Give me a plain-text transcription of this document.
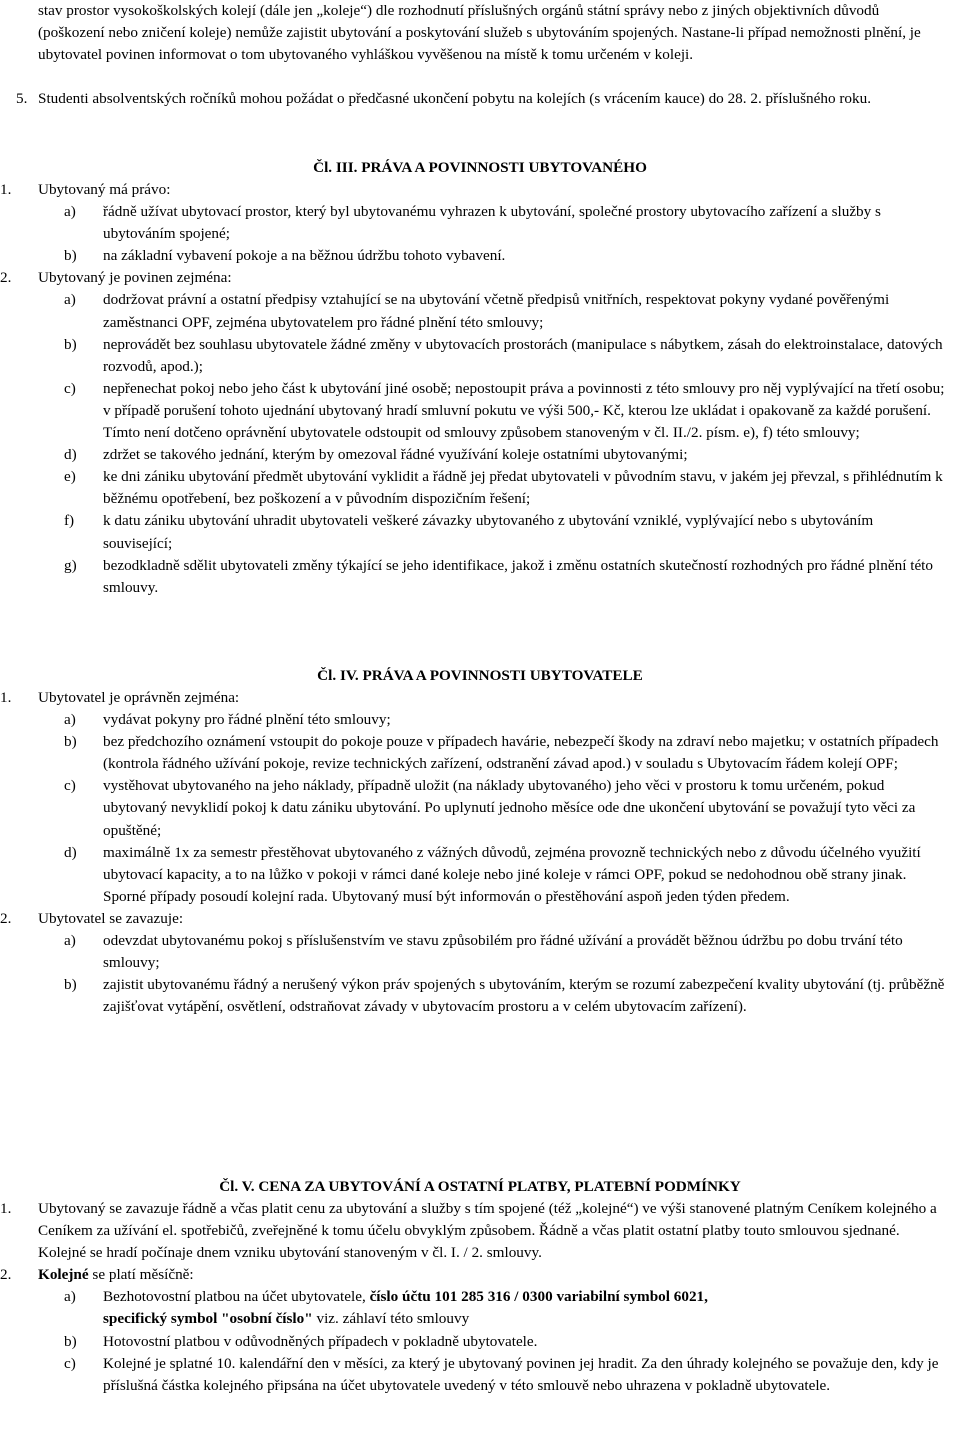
stav prostor vysokoškolských kolejí (dále jen „koleje“) dle rozhodnutí příslušných orgánů státní správy nebo z jiných objektivních důvodů (poškození nebo zničení koleje) nemůže zajistit ubytování a poskytování služeb s ubytováním spojených. Nastane-li případ nemožnosti plnění, je ubytovatel povinen informovat o tom ubytovaného vyhláškou vyvěšenou na místě k tomu určeném v koleji.

5. Studenti absolventských ročníků mohou požádat o předčasné ukončení pobytu na kolejích (s vrácením kauce) do 28. 2. příslušného roku.

Čl. III. PRÁVA A POVINNOSTI UBYTOVANÉHO

1. Ubytovaný má právo:

a) řádně užívat ubytovací prostor, který byl ubytovanému vyhrazen k ubytování, společné prostory ubytovacího zařízení a služby s ubytováním spojené;

b) na základní vybavení pokoje a na běžnou údržbu tohoto vybavení.

2. Ubytovaný je povinen zejména:

a) dodržovat právní a ostatní předpisy vztahující se na ubytování včetně předpisů vnitřních, respektovat pokyny vydané pověřenými zaměstnanci OPF, zejména ubytovatelem pro řádné plnění této smlouvy;

b) neprovádět bez souhlasu ubytovatele žádné změny v ubytovacích prostorách (manipulace s nábytkem, zásah do elektroinstalace, datových rozvodů, apod.);

c) nepřenechat pokoj nebo jeho část k ubytování jiné osobě; nepostoupit práva a povinnosti z této smlouvy pro něj vyplývající na třetí osobu; v případě porušení tohoto ujednání ubytovaný hradí smluvní pokutu ve výši 500,- Kč, kterou lze ukládat i opakovaně za každé porušení. Tímto není dotčeno oprávnění ubytovatele odstoupit od smlouvy způsobem stanoveným v čl. II./2. písm. e), f) této smlouvy;

d) zdržet se takového jednání, kterým by omezoval řádné využívání koleje ostatními ubytovanými;

e) ke dni zániku ubytování předmět ubytování vyklidit a řádně jej předat ubytovateli v původním stavu, v jakém jej převzal, s přihlédnutím k běžnému opotřebení, bez poškození a v původním dispozičním řešení;

f) k datu zániku ubytování uhradit ubytovateli veškeré závazky ubytovaného z ubytování vzniklé, vyplývající nebo s ubytováním související;

g) bezodkladně sdělit ubytovateli změny týkající se jeho identifikace, jakož i změnu ostatních skutečností rozhodných pro řádné plnění této smlouvy.

Čl. IV. PRÁVA A POVINNOSTI UBYTOVATELE

1. Ubytovatel je oprávněn zejména:

a) vydávat pokyny pro řádné plnění této smlouvy;

b) bez předchozího oznámení vstoupit do pokoje pouze v případech havárie, nebezpečí škody na zdraví nebo majetku; v ostatních případech (kontrola řádného užívání pokoje, revize technických zařízení, odstranění závad apod.) v souladu s Ubytovacím řádem kolejí OPF;

c) vystěhovat ubytovaného na jeho náklady, případně uložit (na náklady ubytovaného) jeho věci v prostoru k tomu určeném, pokud ubytovaný nevyklidí pokoj k datu zániku ubytování. Po uplynutí jednoho měsíce ode dne ukončení ubytování se považují tyto věci za opuštěné;

d) maximálně 1x za semestr přestěhovat ubytovaného z vážných důvodů, zejména provozně technických nebo z důvodu účelného využití ubytovací kapacity, a to na lůžko v pokoji v rámci dané koleje nebo jiné koleje v rámci OPF, pokud se nedohodnou obě strany jinak. Sporné případy posoudí kolejní rada. Ubytovaný musí být informován o přestěhování aspoň jeden týden předem.

2. Ubytovatel se zavazuje:

a) odevzdat ubytovanému pokoj s příslušenstvím ve stavu způsobilém pro řádné užívání a provádět běžnou údržbu po dobu trvání této smlouvy;

b) zajistit ubytovanému řádný a nerušený výkon práv spojených s ubytováním, kterým se rozumí zabezpečení kvality ubytování (tj. průběžně zajišťovat vytápění, osvětlení, odstraňovat závady v ubytovacím prostoru a v celém ubytovacím zařízení).

Čl. V. CENA ZA UBYTOVÁNÍ A OSTATNÍ PLATBY, PLATEBNÍ PODMÍNKY

1. Ubytovaný se zavazuje řádně a včas platit cenu za ubytování a služby s tím spojené (též „kolejné“) ve výši stanovené platným Ceníkem kolejného a Ceníkem za užívání el. spotřebičů, zveřejněné k tomu účelu obvyklým způsobem. Řádně a včas platit ostatní platby touto smlouvou sjednané. Kolejné se hradí počínaje dnem vzniku ubytování stanoveným v čl. I. / 2. smlouvy.

2. Kolejné se platí měsíčně:

a) Bezhotovostní platbou na účet ubytovatele, číslo účtu 101 285 316 / 0300 variabilní symbol 6021,
specifický symbol "osobní číslo" viz. záhlaví této smlouvy

b) Hotovostní platbou v odůvodněných případech v pokladně ubytovatele.

c) Kolejné je splatné 10. kalendářní den v měsíci, za který je ubytovaný povinen jej hradit. Za den úhrady kolejného se považuje den, kdy je příslušná částka kolejného připsána na účet ubytovatele uvedený v této smlouvě nebo uhrazena v pokladně ubytovatele.
